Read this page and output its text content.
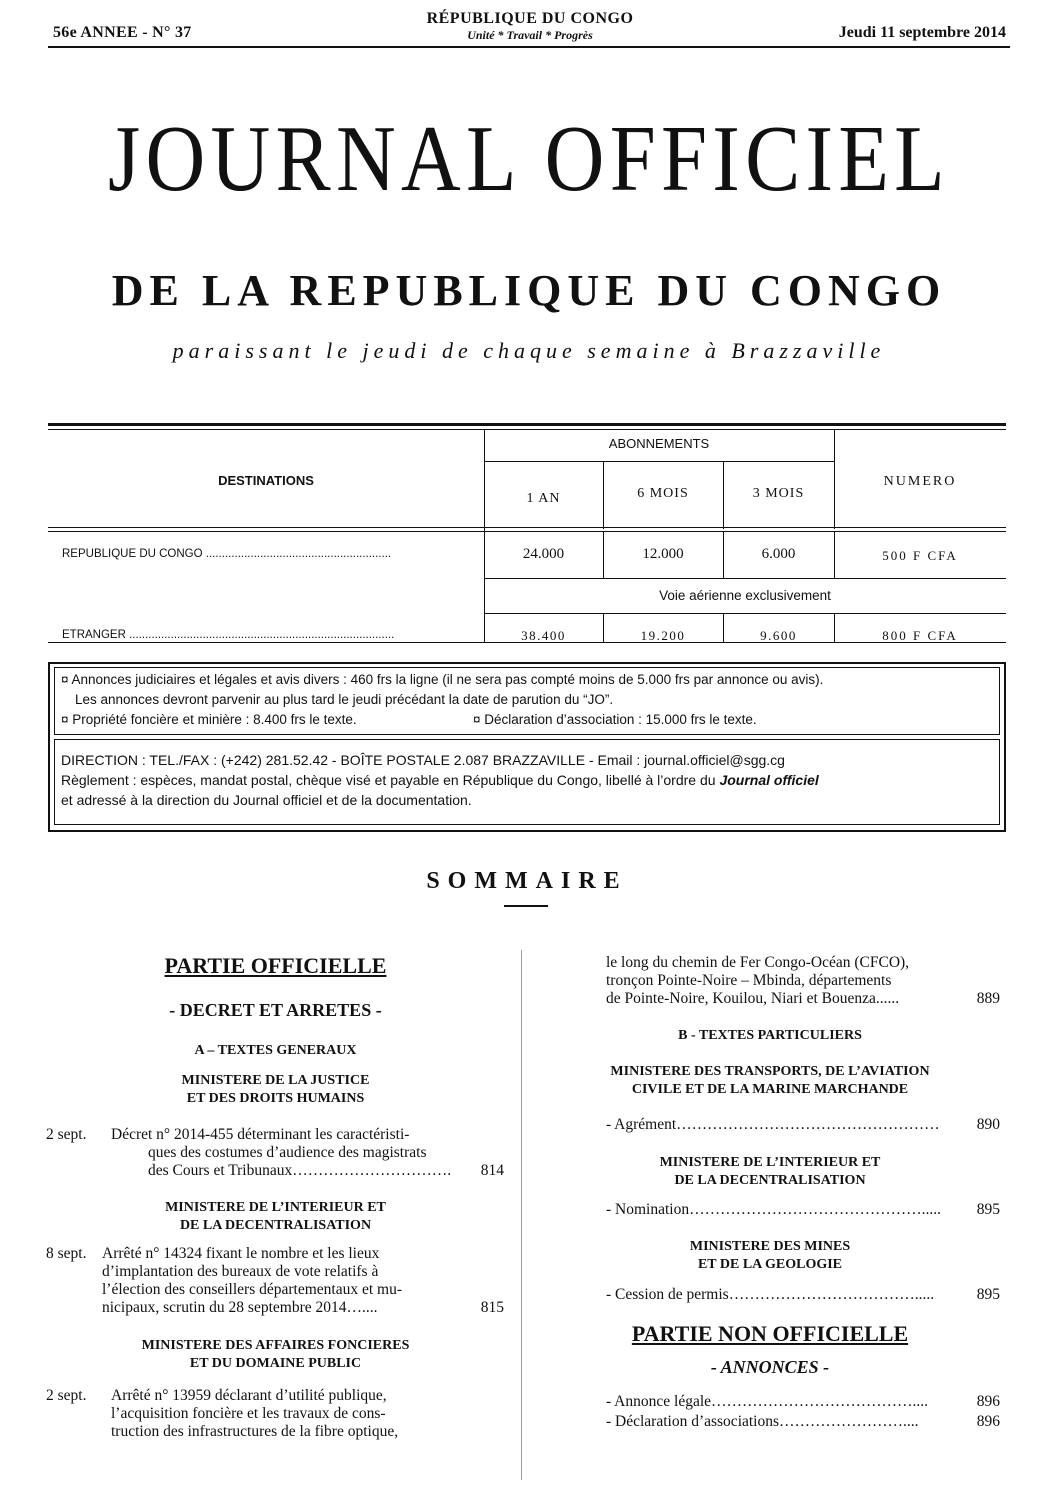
56e ANNEE - N° 37
RÉPUBLIQUE DU CONGO
Unité * Travail * Progrès	Jeudi 11 septembre 2014
JOURNAL OFFICIEL
DE LA REPUBLIQUE DU CONGO
paraissant le jeudi de chaque semaine à Brazzaville
DESTINATIONS
ABONNEMENTS
1 AN	6 MOIS	3 MOIS
NUMERO
REPUBLIQUE DU CONGO ..........................................................	24.000	12.000	6.000	500 F CFA
Voie aérienne exclusivement
ETRANGER ...................................................................................	38.400	19.200	9.600	800 F CFA
¤ Annonces judiciaires et légales et avis divers : 460 frs la ligne (il ne sera pas compté moins de 5.000 frs par annonce ou avis).
Les annonces devront parvenir au plus tard le jeudi précédant la date de parution du “JO”.
¤ Propriété foncière et minière : 8.400 frs le texte.	¤ Déclaration d’association : 15.000 frs le texte.
DIRECTION : TEL./FAX : (+242) 281.52.42 - BOÎTE POSTALE 2.087 BRAZZAVILLE - Email : journal.officiel@sgg.cg
Règlement : espèces, mandat postal, chèque visé et payable en République du Congo, libellé à l’ordre du Journal officiel
et adressé à la direction du Journal officiel et de la documentation.
SOMMAIRE
PARTIE OFFICIELLE
- DECRET ET ARRETES -
A – TEXTES GENERAUX
MINISTERE DE LA JUSTICE
ET DES DROITS HUMAINS
2 sept. Décret n° 2014-455 déterminant les caractéristi-
ques des costumes d’audience des magistrats
des Cours et Tribunaux…………………………. 814
MINISTERE DE L’INTERIEUR ET
DE LA DECENTRALISATION
8 sept. Arrêté n° 14324 fixant le nombre et les lieux
d’implantation des bureaux de vote relatifs à
l’élection des conseillers départementaux et mu-
nicipaux, scrutin du 28 septembre 2014…....	815
MINISTERE DES AFFAIRES FONCIERES
ET DU DOMAINE PUBLIC
2 sept. Arrêté n° 13959 déclarant d’utilité publique,
l’acquisition foncière et les travaux de cons-
truction des infrastructures de la fibre optique,
le long du chemin de Fer Congo-Océan (CFCO),
tronçon Pointe-Noire – Mbinda, départements
de Pointe-Noire, Kouilou, Niari et Bouenza......	889
B - TEXTES PARTICULIERS
MINISTERE DES TRANSPORTS, DE L’AVIATION
CIVILE ET DE LA MARINE MARCHANDE
- Agrément…………………………………………… 890
MINISTERE DE L’INTERIEUR ET
DE LA DECENTRALISATION
- Nomination………………………………………..... 895
MINISTERE DES MINES
ET DE LA GEOLOGIE
- Cession de permis……………………………….....	895
PARTIE NON OFFICIELLE
- ANNONCES -
- Annonce légale…………………………………....	896
- Déclaration d’associations……………………....	896
